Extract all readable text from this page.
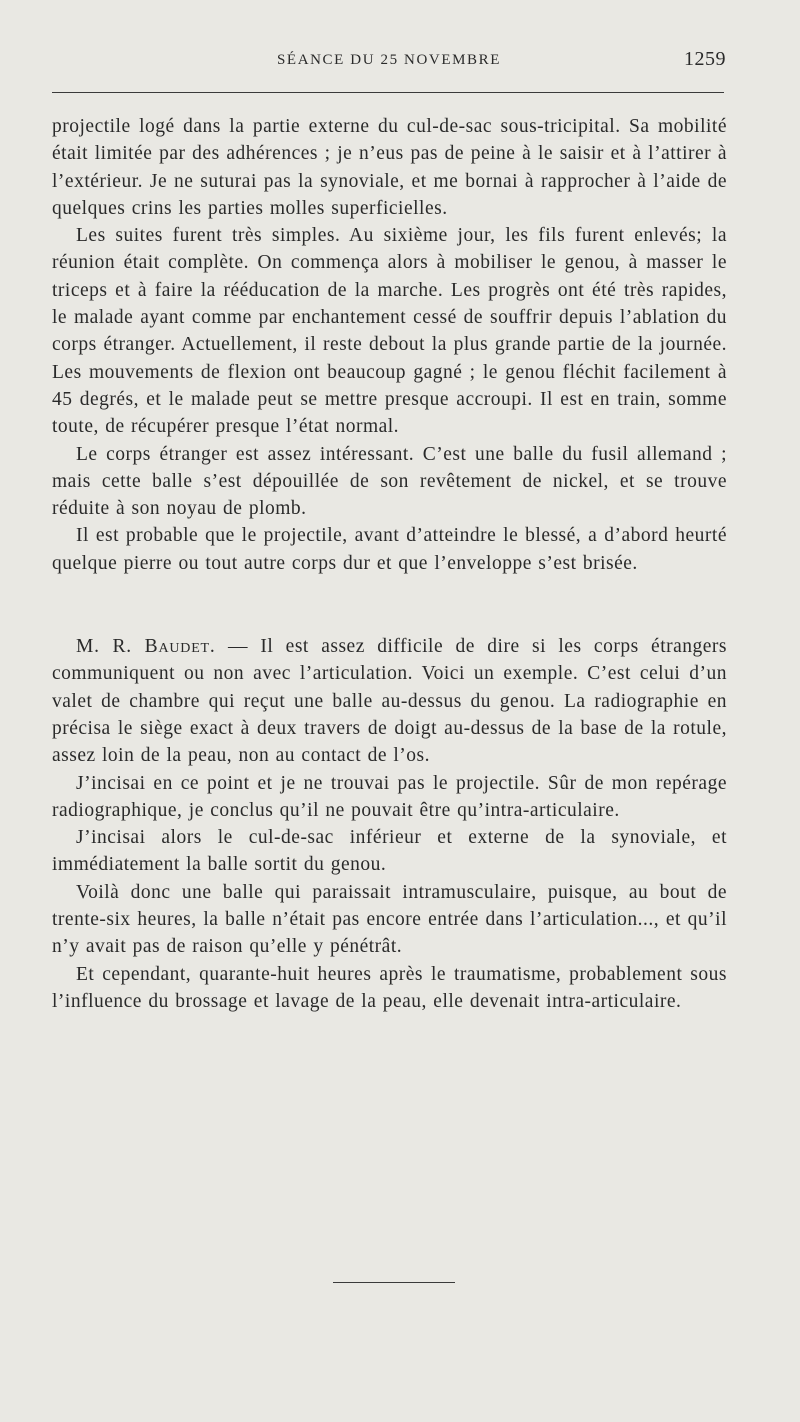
SÉANCE DU 25 NOVEMBRE	1259

projectile logé dans la partie externe du cul-de-sac sous-tricipital. Sa mobilité était limitée par des adhérences ; je n’eus pas de peine à le saisir et à l’attirer à l’extérieur. Je ne suturai pas la synoviale, et me bornai à rapprocher à l’aide de quelques crins les parties molles superficielles.

Les suites furent très simples. Au sixième jour, les fils furent enlevés; la réunion était complète. On commença alors à mobiliser le genou, à masser le triceps et à faire la rééducation de la marche. Les progrès ont été très rapides, le malade ayant comme par enchantement cessé de souffrir depuis l’ablation du corps étranger. Actuellement, il reste debout la plus grande partie de la journée. Les mouvements de flexion ont beaucoup gagné ; le genou fléchit facilement à 45 degrés, et le malade peut se mettre presque accroupi. Il est en train, somme toute, de récupérer presque l’état normal.

Le corps étranger est assez intéressant. C’est une balle du fusil allemand ; mais cette balle s’est dépouillée de son revêtement de nickel, et se trouve réduite à son noyau de plomb.

Il est probable que le projectile, avant d’atteindre le blessé, a d’abord heurté quelque pierre ou tout autre corps dur et que l’enveloppe s’est brisée.

M. R. Baudet. — Il est assez difficile de dire si les corps étrangers communiquent ou non avec l’articulation. Voici un exemple. C’est celui d’un valet de chambre qui reçut une balle au-dessus du genou. La radiographie en précisa le siège exact à deux travers de doigt au-dessus de la base de la rotule, assez loin de la peau, non au contact de l’os.

J’incisai en ce point et je ne trouvai pas le projectile. Sûr de mon repérage radiographique, je conclus qu’il ne pouvait être qu’intra-articulaire.

J’incisai alors le cul-de-sac inférieur et externe de la synoviale, et immédiatement la balle sortit du genou.

Voilà donc une balle qui paraissait intramusculaire, puisque, au bout de trente-six heures, la balle n’était pas encore entrée dans l’articulation..., et qu’il n’y avait pas de raison qu’elle y pénétrât.

Et cependant, quarante-huit heures après le traumatisme, probablement sous l’influence du brossage et lavage de la peau, elle devenait intra-articulaire.
